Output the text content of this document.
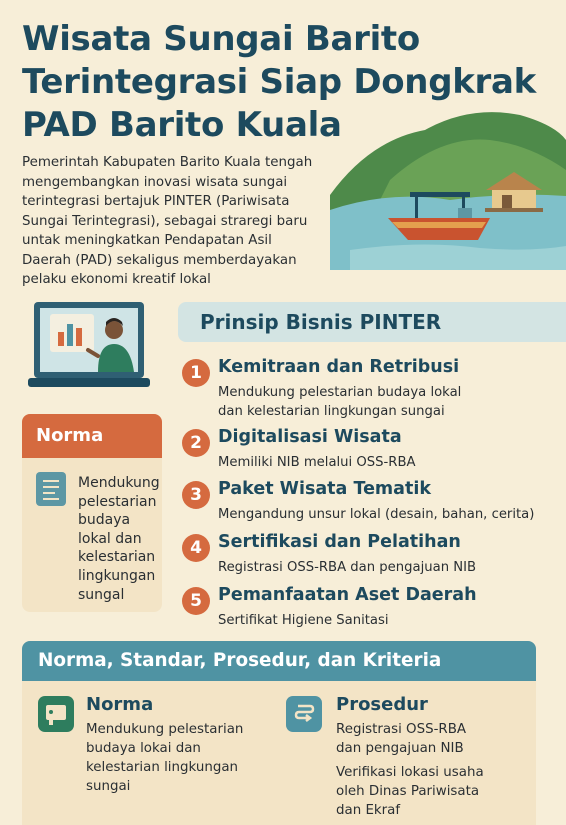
Wisata Sungai Barito
Terintegrasi Siap Dongkrak
PAD Barito Kuala
Pemerintah Kabupaten Barito Kuala tengah
mengembangkan inovasi wisata sungai
terintegrasi bertajuk PINTER (Pariwisata
Sungai Terintegrasi), sebagai straregi baru
untak meningkatkan Pendapatan Asil
Daerah (PAD) sekaligus memberdayakan
pelaku ekonomi kreatif lokal
Prinsip Bisnis PINTER
1 Kemitraan dan Retribusi
Mendukung pelestarian budaya lokal
dan kelestarian lingkungan sungai
2 Digitalisasi Wisata
Memiliki NIB melalui OSS-RBA
3 Paket Wisata Tematik
Mengandung unsur lokal (desain, bahan, cerita)
4 Sertifikasi dan Pelatihan
Registrasi OSS-RBA dan pengajuan NIB
5 Pemanfaatan Aset Daerah
Sertifikat Higiene Sanitasi
Norma
Mendukung
pelestarian
budaya
lokal dan
kelestarian
lingkungan
sungal
Norma, Standar, Prosedur, dan Kriteria
Norma
Mendukung pelestarian
budaya lokai dan
kelestarian lingkungan
sungai
Prosedur
Registrasi OSS-RBA
dan pengajuan NIB
Verifikasi lokasi usaha
oleh Dinas Pariwisata
dan Ekraf
